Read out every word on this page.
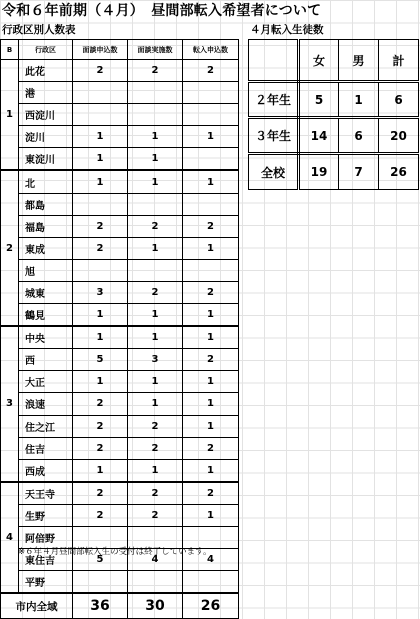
令和６年前期（４月）　昼間部転入希望者について
行政区別人数表	４月転入生徒数
B	行政区	面談申込数	面談実施数	転入申込数
1	此花	2	2	2
	港			
	西淀川			
	淀川	1	1	1
	東淀川	1	1	
2	北	1	1	1
	都島			
	福島	2	2	2
	東成	2	1	1
	旭			
	城東	3	2	2
	鶴見	1	1	1
3	中央	1	1	1
	西	5	3	2
	大正	1	1	1
	浪速	2	1	1
	住之江	2	2	1
	住吉	2	2	2
	西成	1	1	1
4	天王寺	2	2	2
	生野	2	2	1
	阿倍野			
	東住吉	5	4	4
	平野			
市内全域		36	30	26
※６年４月昼間部転入生の受付は終了しています。
	女	男	計
２年生	5	1	6
３年生	14	6	20
全校	19	7	26
